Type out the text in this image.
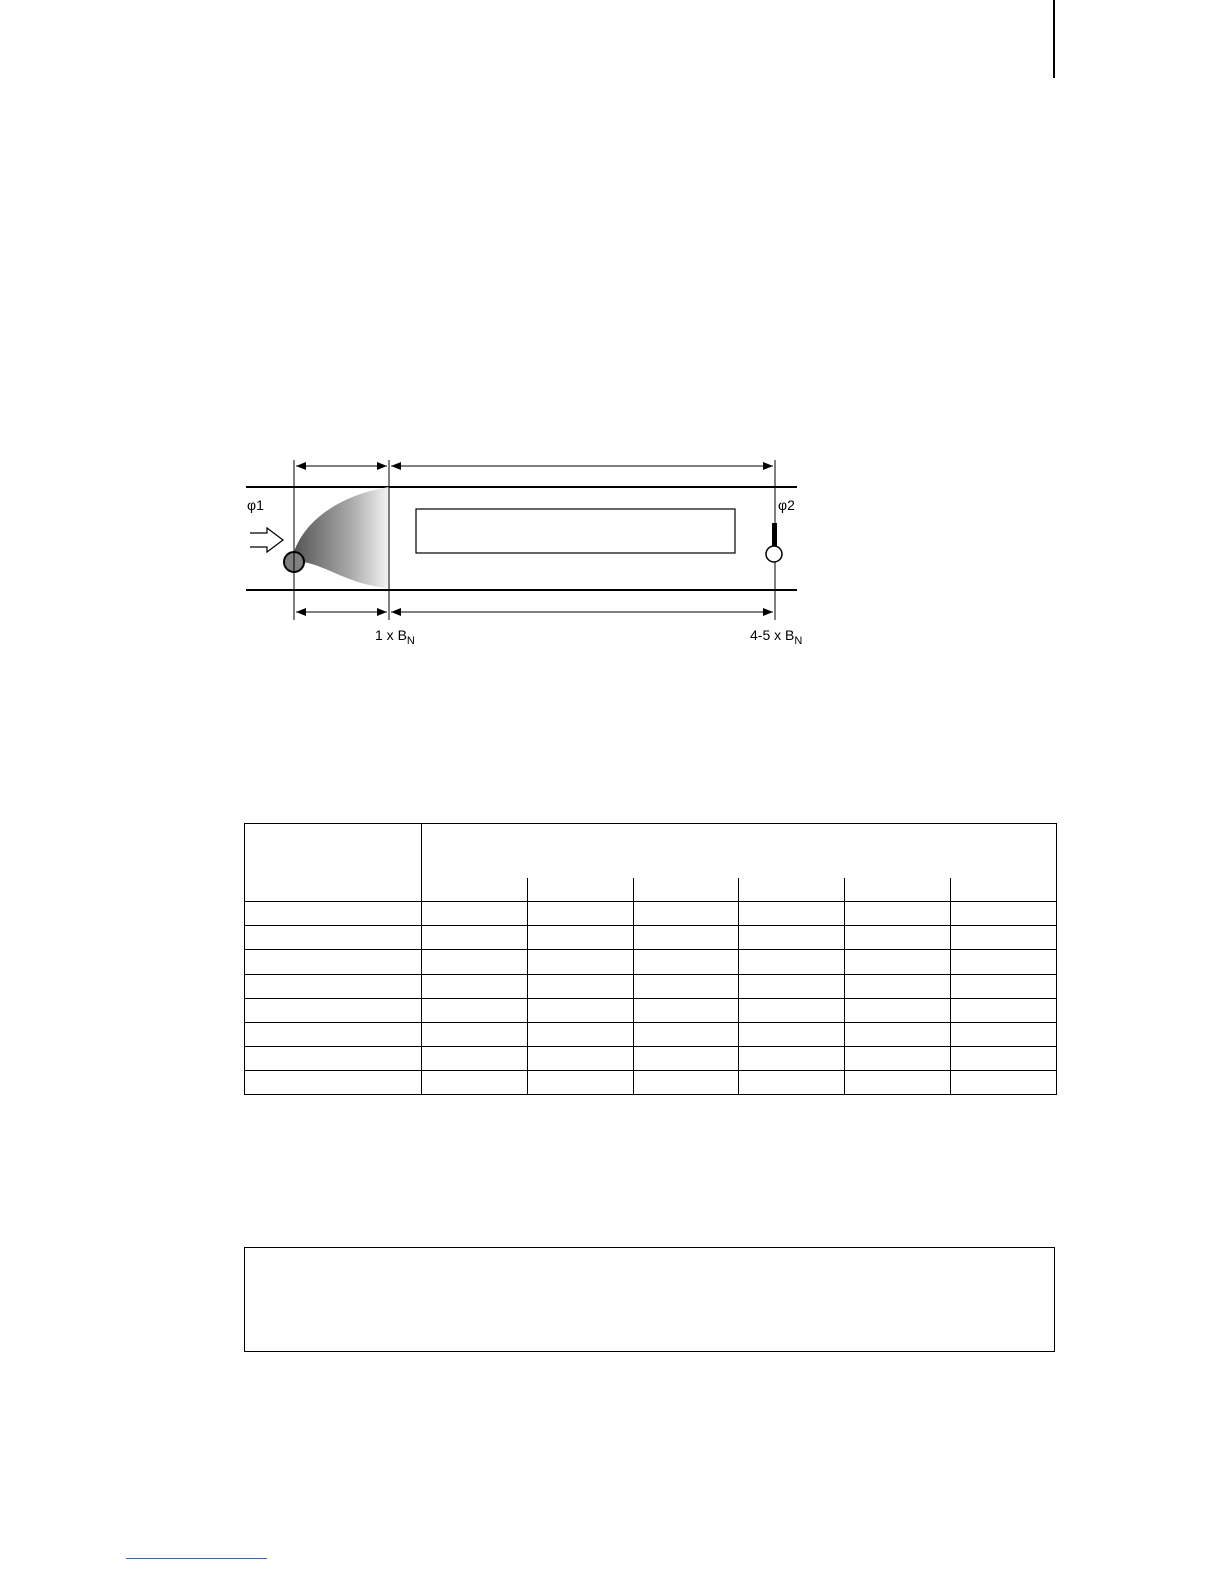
φ1	φ2
1 x $B_N$	4-5 x $B_N$
